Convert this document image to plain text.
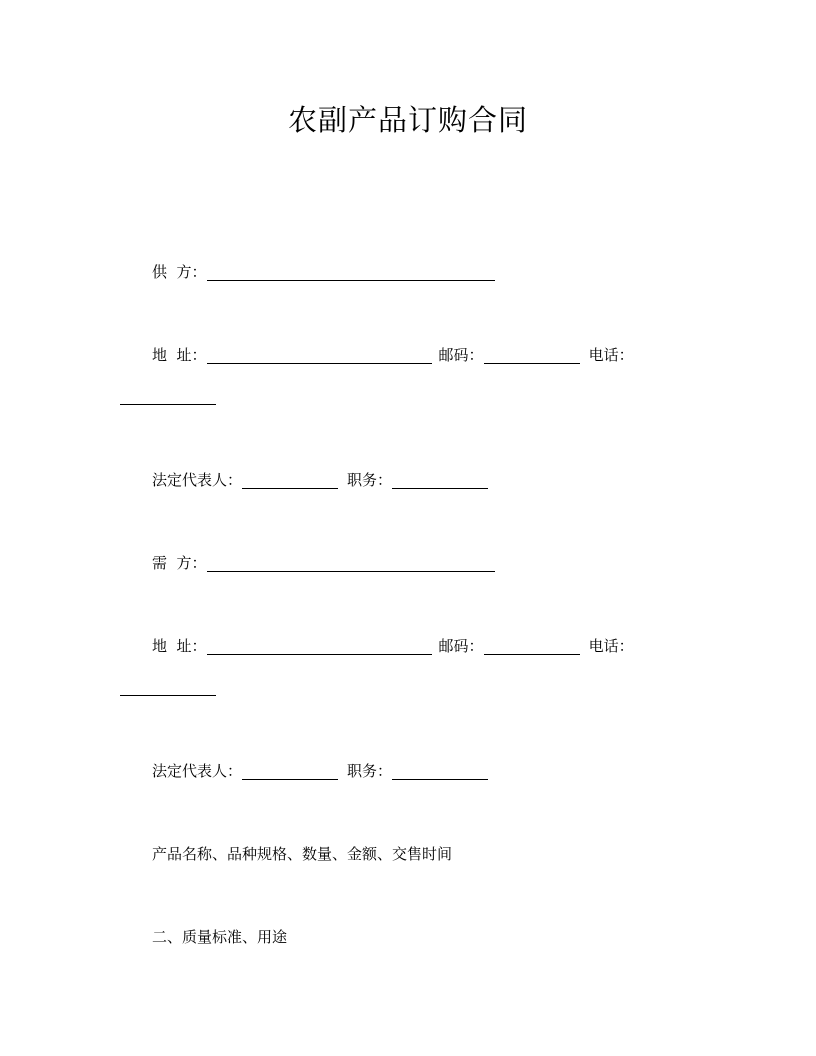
农副产品订购合同
供  方：
地  址：	邮码：	电话：
法定代表人：	职务：
需  方：
地  址：	邮码：	电话：
法定代表人：	职务：
产品名称、品种规格、数量、金额、交售时间
二、质量标准、用途
